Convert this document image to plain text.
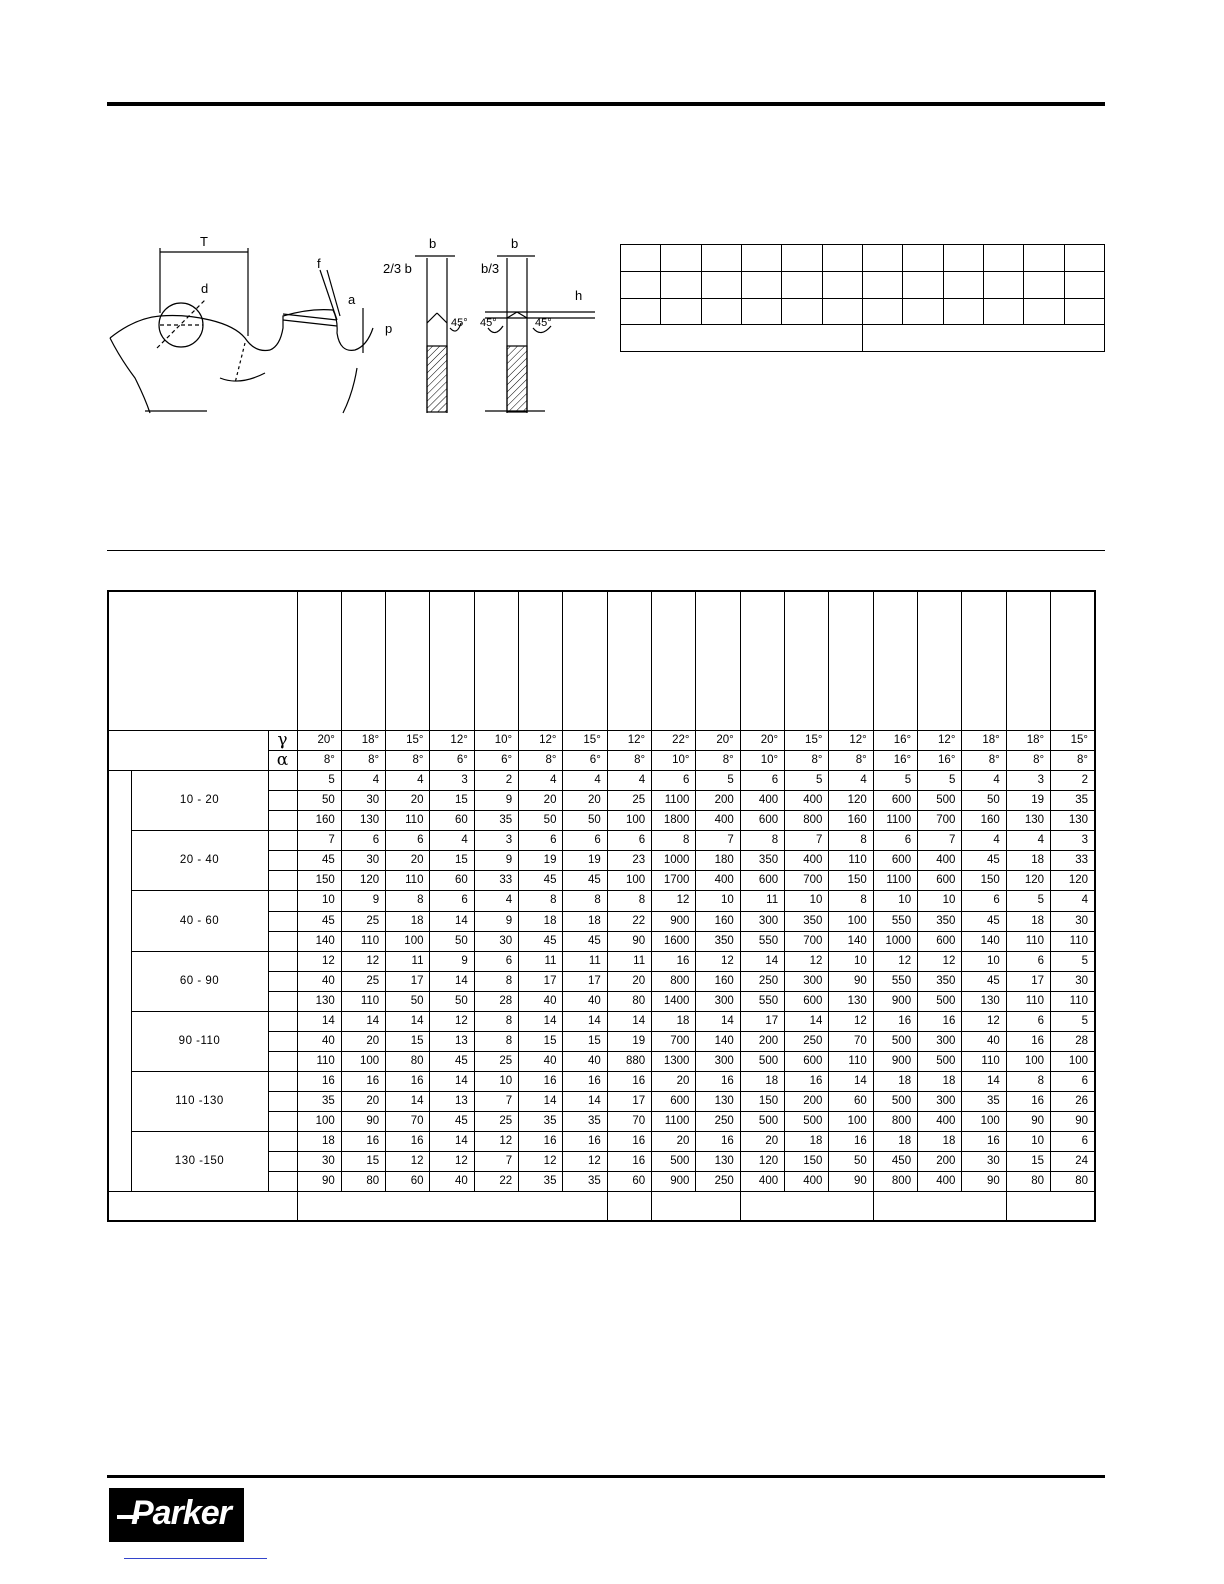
T	b	b
2/3 b	b/3
f
a
d	h
p	45° 45°	45°

		γ	20°	18°	15°	12°	10°	12°	15°	12°	22°	20°	20°	15°	12°	16°	12°	18°	18°	15°
		α	8°	8°	8°	6°	6°	8°	6°	8°	10°	8°	10°	8°	8°	16°	16°	8°	8°	8°
	10 - 20		5	4	4	3	2	4	4	4	6	5	6	5	4	5	5	4	3	2
			50	30	20	15	9	20	20	25	1100	200	400	400	120	600	500	50	19	35
			160	130	110	60	35	50	50	100	1800	400	600	800	160	1100	700	160	130	130
	20 - 40		7	6	6	4	3	6	6	6	8	7	8	7	8	6	7	4	4	3
			45	30	20	15	9	19	19	23	1000	180	350	400	110	600	400	45	18	33
			150	120	110	60	33	45	45	100	1700	400	600	700	150	1100	600	150	120	120
	40 - 60		10	9	8	6	4	8	8	8	12	10	11	10	8	10	10	6	5	4
			45	25	18	14	9	18	18	22	900	160	300	350	100	550	350	45	18	30
			140	110	100	50	30	45	45	90	1600	350	550	700	140	1000	600	140	110	110
	60 - 90		12	12	11	9	6	11	11	11	16	12	14	12	10	12	12	10	6	5
			40	25	17	14	8	17	17	20	800	160	250	300	90	550	350	45	17	30
			130	110	50	50	28	40	40	80	1400	300	550	600	130	900	500	130	110	110
	90 -110		14	14	14	12	8	14	14	14	18	14	17	14	12	16	16	12	6	5
			40	20	15	13	8	15	15	19	700	140	200	250	70	500	300	40	16	28
			110	100	80	45	25	40	40	880	1300	300	500	600	110	900	500	110	100	100
	110 -130		16	16	16	14	10	16	16	16	20	16	18	16	14	18	18	14	8	6
			35	20	14	13	7	14	14	17	600	130	150	200	60	500	300	35	16	26
			100	90	70	45	25	35	35	70	1100	250	500	500	100	800	400	100	90	90
	130 -150		18	16	16	14	12	16	16	16	20	16	20	18	16	18	18	16	10	6
			30	15	12	12	7	12	12	16	500	130	120	150	50	450	200	30	15	24
			90	80	60	40	22	35	35	60	900	250	400	400	90	800	400	90	80	80

Parker
